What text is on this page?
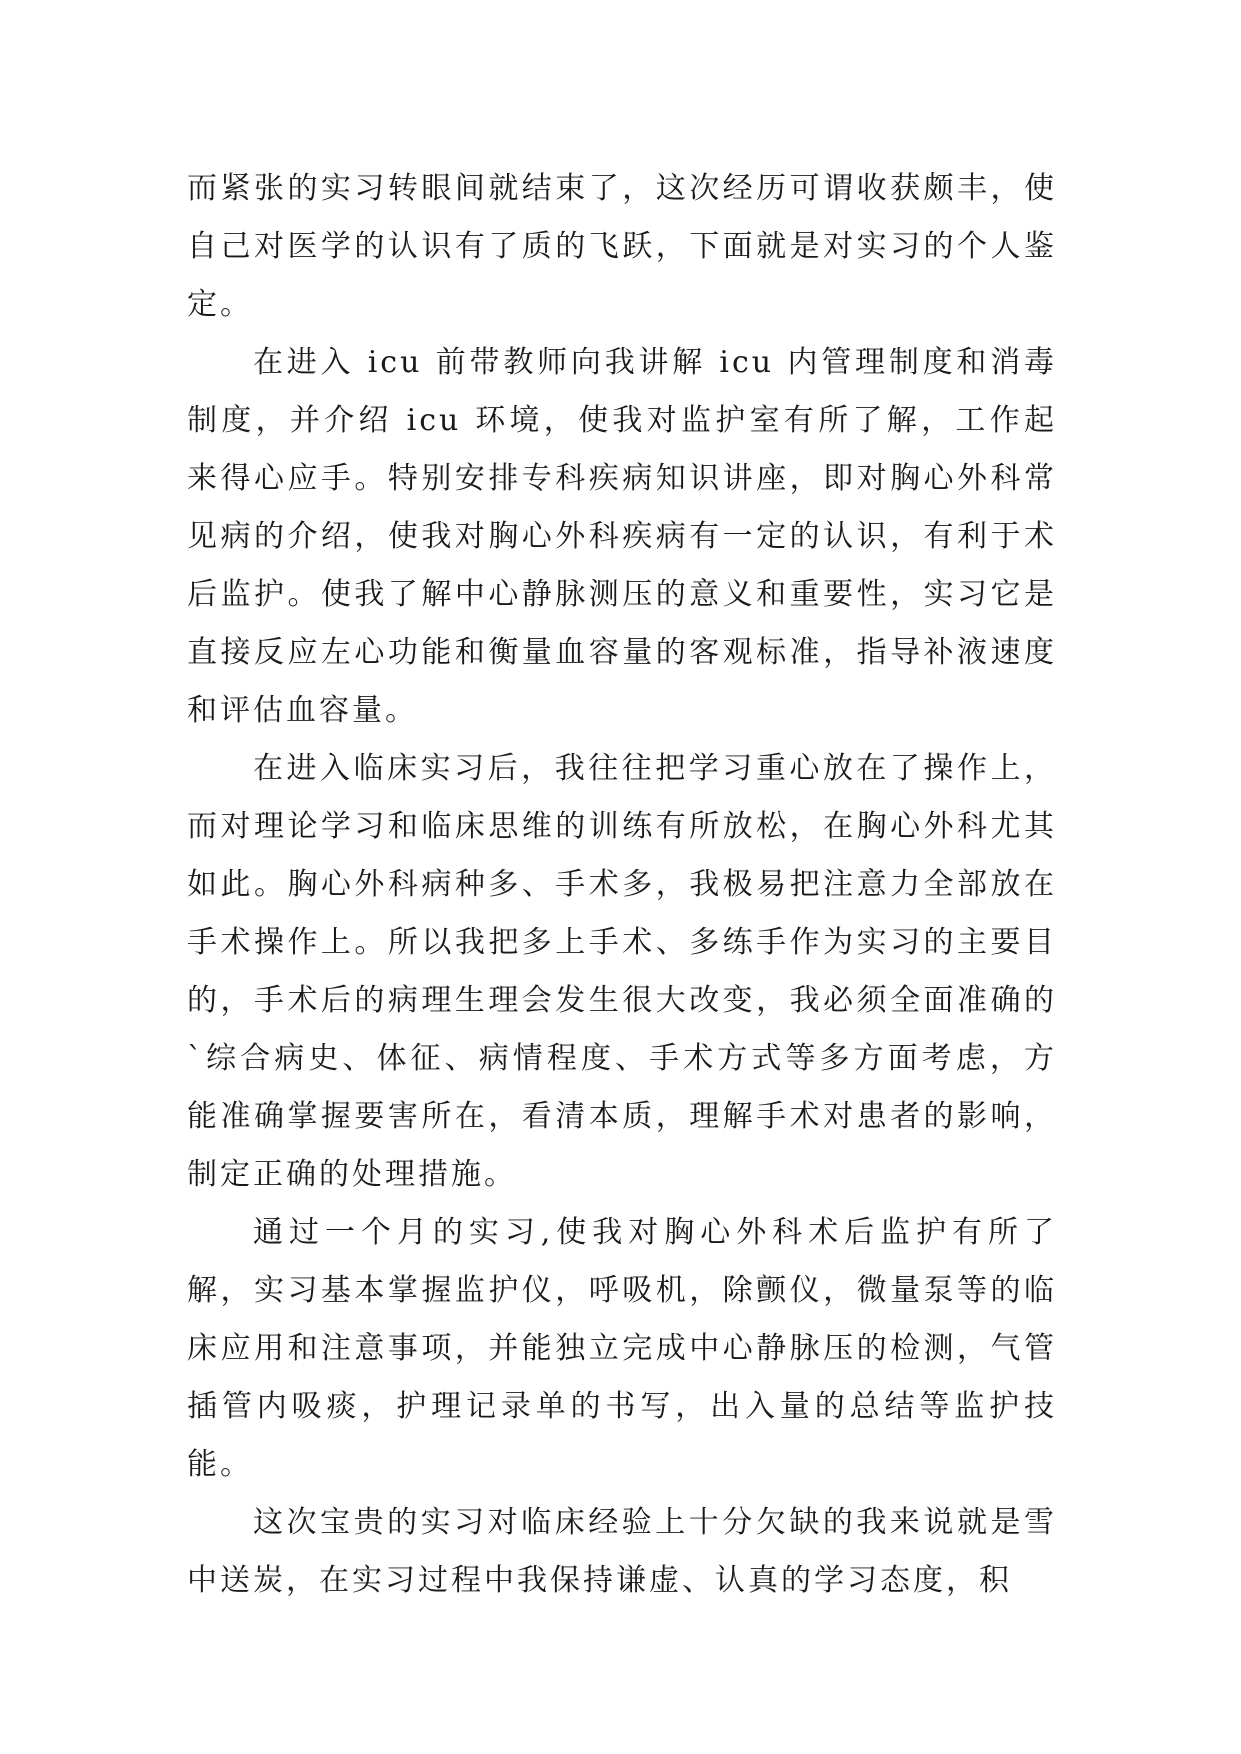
而紧张的实习转眼间就结束了，这次经历可谓收获颇丰，使自己对医学的认识有了质的飞跃，下面就是对实习的个人鉴定。

在进入 icu 前带教师向我讲解 icu 内管理制度和消毒制度，并介绍 icu 环境，使我对监护室有所了解，工作起来得心应手。特别安排专科疾病知识讲座，即对胸心外科常见病的介绍，使我对胸心外科疾病有一定的认识，有利于术后监护。使我了解中心静脉测压的意义和重要性，实习它是直接反应左心功能和衡量血容量的客观标准，指导补液速度和评估血容量。

在进入临床实习后，我往往把学习重心放在了操作上，而对理论学习和临床思维的训练有所放松，在胸心外科尤其如此。胸心外科病种多、手术多，我极易把注意力全部放在手术操作上。所以我把多上手术、多练手作为实习的主要目的，手术后的病理生理会发生很大改变，我必须全面准确的`综合病史、体征、病情程度、手术方式等多方面考虑，方能准确掌握要害所在，看清本质，理解手术对患者的影响，制定正确的处理措施。

通过一个月的实习,使我对胸心外科术后监护有所了解，实习基本掌握监护仪，呼吸机，除颤仪，微量泵等的临床应用和注意事项，并能独立完成中心静脉压的检测，气管插管内吸痰，护理记录单的书写，出入量的总结等监护技能。

这次宝贵的实习对临床经验上十分欠缺的我来说就是雪中送炭，在实习过程中我保持谦虚、认真的学习态度，积
